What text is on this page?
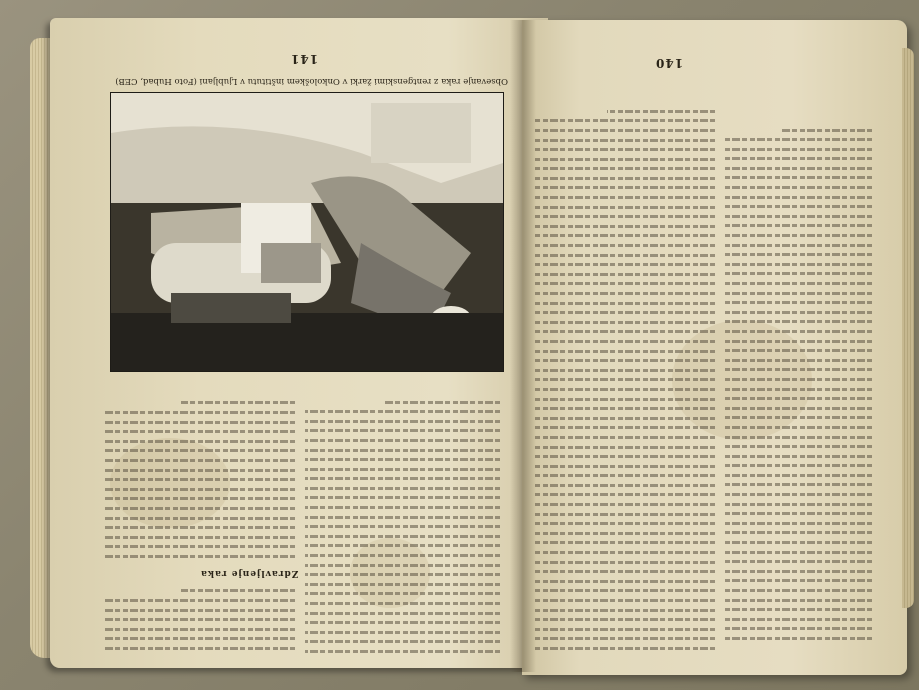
141
Obsevanje raka z rentgenskimi žarki v Onkološkem inštitutu v Ljubljani (Foto Hubad, CEB)
Zdravljenje raka
140
